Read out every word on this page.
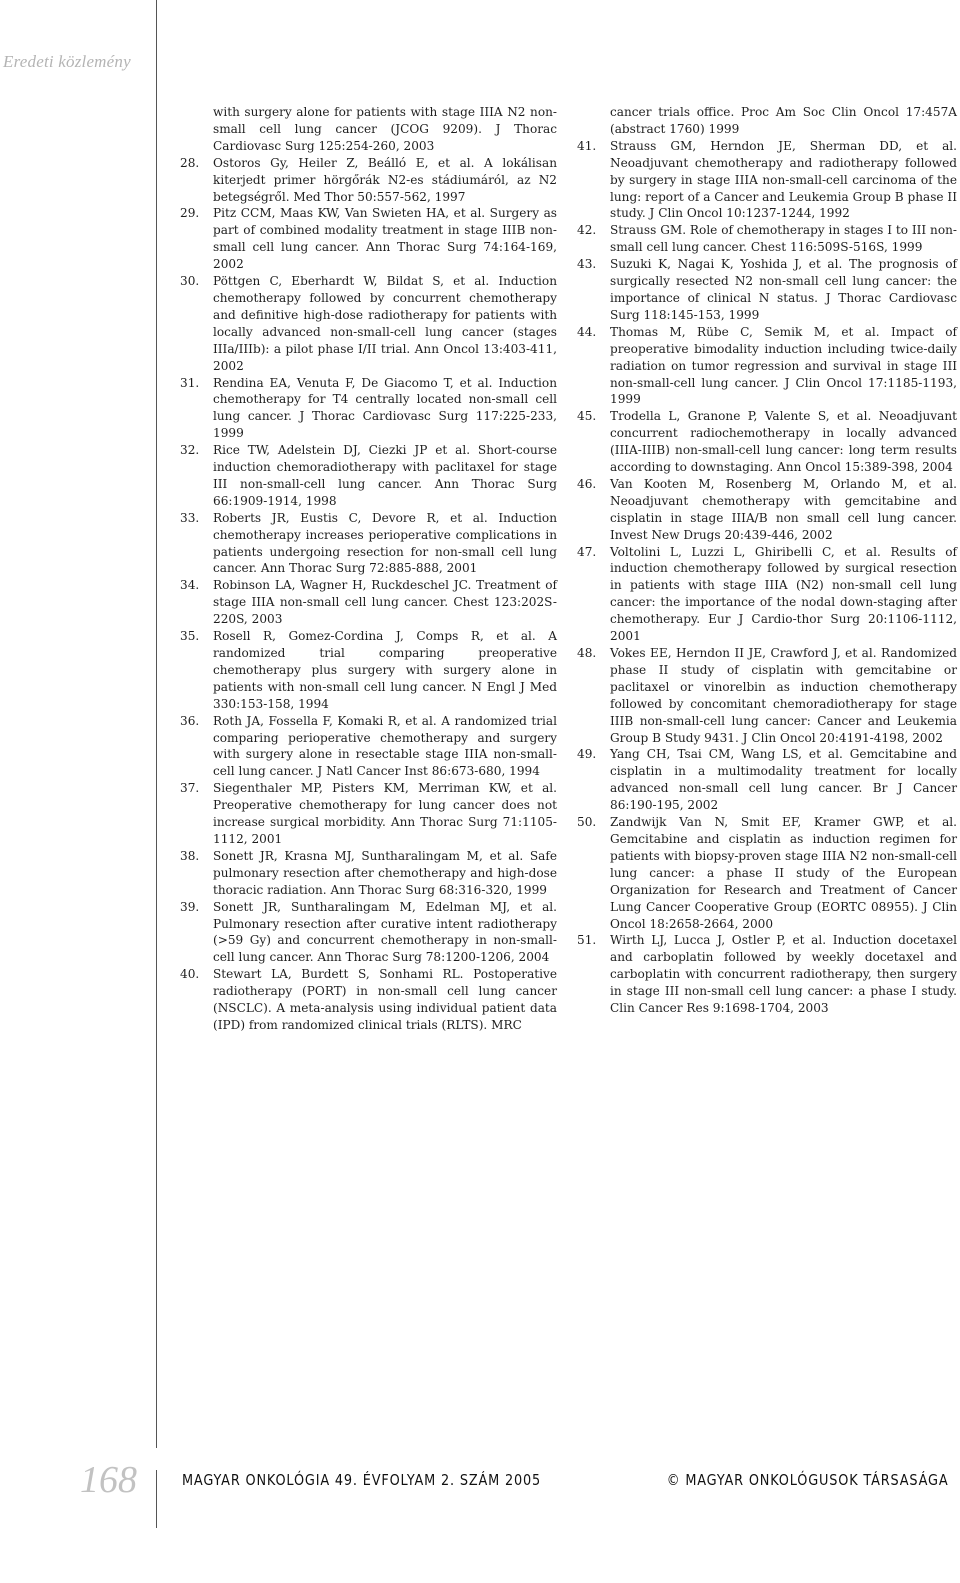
Eredeti közlemény
with surgery alone for patients with stage IIIA N2 non-small cell lung cancer (JCOG 9209). J Thorac Cardiovasc Surg 125:254-260, 2003
28.	Ostoros Gy, Heiler Z, Beálló E, et al. A lokálisan kiterjedt primer hörgőrák N2-es stádiumáról, az N2 betegségről. Med Thor 50:557-562, 1997
29.	Pitz CCM, Maas KW, Van Swieten HA, et al. Surgery as part of combined modality treatment in stage IIIB non-small cell lung cancer. Ann Thorac Surg 74:164-169, 2002
30.	Pöttgen C, Eberhardt W, Bildat S, et al. Induction chemotherapy followed by concurrent chemotherapy and definitive high-dose radiotherapy for patients with locally advanced non-small-cell lung cancer (stages IIIa/IIIb): a pilot phase I/II trial. Ann Oncol 13:403-411, 2002
31.	Rendina EA, Venuta F, De Giacomo T, et al. Induction chemotherapy for T4 centrally located non-small cell lung cancer. J Thorac Cardiovasc Surg 117:225-233, 1999
32.	Rice TW, Adelstein DJ, Ciezki JP et al. Short-course induction chemoradiotherapy with paclitaxel for stage III non-small-cell lung cancer. Ann Thorac Surg 66:1909-1914, 1998
33.	Roberts JR, Eustis C, Devore R, et al. Induction chemotherapy increases perioperative complications in patients undergoing resection for non-small cell lung cancer. Ann Thorac Surg 72:885-888, 2001
34.	Robinson LA, Wagner H, Ruckdeschel JC. Treatment of stage IIIA non-small cell lung cancer. Chest 123:202S-220S, 2003
35.	Rosell R, Gomez-Cordina J, Comps R, et al. A randomized trial comparing preoperative chemotherapy plus surgery with surgery alone in patients with non-small cell lung cancer. N Engl J Med 330:153-158, 1994
36.	Roth JA, Fossella F, Komaki R, et al. A randomized trial comparing perioperative chemotherapy and surgery with surgery alone in resectable stage IIIA non-small-cell lung cancer. J Natl Cancer Inst 86:673-680, 1994
37.	Siegenthaler MP, Pisters KM, Merriman KW, et al. Preoperative chemotherapy for lung cancer does not increase surgical morbidity. Ann Thorac Surg 71:1105-1112, 2001
38.	Sonett JR, Krasna MJ, Suntharalingam M, et al. Safe pulmonary resection after chemotherapy and high-dose thoracic radiation. Ann Thorac Surg 68:316-320, 1999
39.	Sonett JR, Suntharalingam M, Edelman MJ, et al. Pulmonary resection after curative intent radiotherapy (>59 Gy) and concurrent chemotherapy in non-small-cell lung cancer. Ann Thorac Surg 78:1200-1206, 2004
40.	Stewart LA, Burdett S, Sonhami RL. Postoperative radiotherapy (PORT) in non-small cell lung cancer (NSCLC). A meta-analysis using individual patient data (IPD) from randomized clinical trials (RLTS). MRC
cancer trials office. Proc Am Soc Clin Oncol 17:457A (abstract 1760) 1999
41.	Strauss GM, Herndon JE, Sherman DD, et al. Neoadjuvant chemotherapy and radiotherapy followed by surgery in stage IIIA non-small-cell carcinoma of the lung: report of a Cancer and Leukemia Group B phase II study. J Clin Oncol 10:1237-1244, 1992
42.	Strauss GM. Role of chemotherapy in stages I to III non-small cell lung cancer. Chest 116:509S-516S, 1999
43.	Suzuki K, Nagai K, Yoshida J, et al. The prognosis of surgically resected N2 non-small cell lung cancer: the importance of clinical N status. J Thorac Cardiovasc Surg 118:145-153, 1999
44.	Thomas M, Rübe C, Semik M, et al. Impact of preoperative bimodality induction including twice-daily radiation on tumor regression and survival in stage III non-small-cell lung cancer. J Clin Oncol 17:1185-1193, 1999
45.	Trodella L, Granone P, Valente S, et al. Neoadjuvant concurrent radiochemotherapy in locally advanced (IIIA-IIIB) non-small-cell lung cancer: long term results according to downstaging. Ann Oncol 15:389-398, 2004
46.	Van Kooten M, Rosenberg M, Orlando M, et al. Neoadjuvant chemotherapy with gemcitabine and cisplatin in stage IIIA/B non small cell lung cancer. Invest New Drugs 20:439-446, 2002
47.	Voltolini L, Luzzi L, Ghiribelli C, et al. Results of induction chemotherapy followed by surgical resection in patients with stage IIIA (N2) non-small cell lung cancer: the importance of the nodal down-staging after chemotherapy. Eur J Cardio-thor Surg 20:1106-1112, 2001
48.	Vokes EE, Herndon II JE, Crawford J, et al. Randomized phase II study of cisplatin with gemcitabine or paclitaxel or vinorelbin as induction chemotherapy followed by concomitant chemoradiotherapy for stage IIIB non-small-cell lung cancer: Cancer and Leukemia Group B Study 9431. J Clin Oncol 20:4191-4198, 2002
49.	Yang CH, Tsai CM, Wang LS, et al. Gemcitabine and cisplatin in a multimodality treatment for locally advanced non-small cell lung cancer. Br J Cancer 86:190-195, 2002
50.	Zandwijk Van N, Smit EF, Kramer GWP, et al. Gemcitabine and cisplatin as induction regimen for patients with biopsy-proven stage IIIA N2 non-small-cell lung cancer: a phase II study of the European Organization for Research and Treatment of Cancer Lung Cancer Cooperative Group (EORTC 08955). J Clin Oncol 18:2658-2664, 2000
51.	Wirth LJ, Lucca J, Ostler P, et al. Induction docetaxel and carboplatin followed by weekly docetaxel and carboplatin with concurrent radiotherapy, then surgery in stage III non-small cell lung cancer: a phase I study. Clin Cancer Res 9:1698-1704, 2003
168	MAGYAR ONKOLÓGIA 49. ÉVFOLYAM 2. SZÁM 2005	© MAGYAR ONKOLÓGUSOK TÁRSASÁGA
